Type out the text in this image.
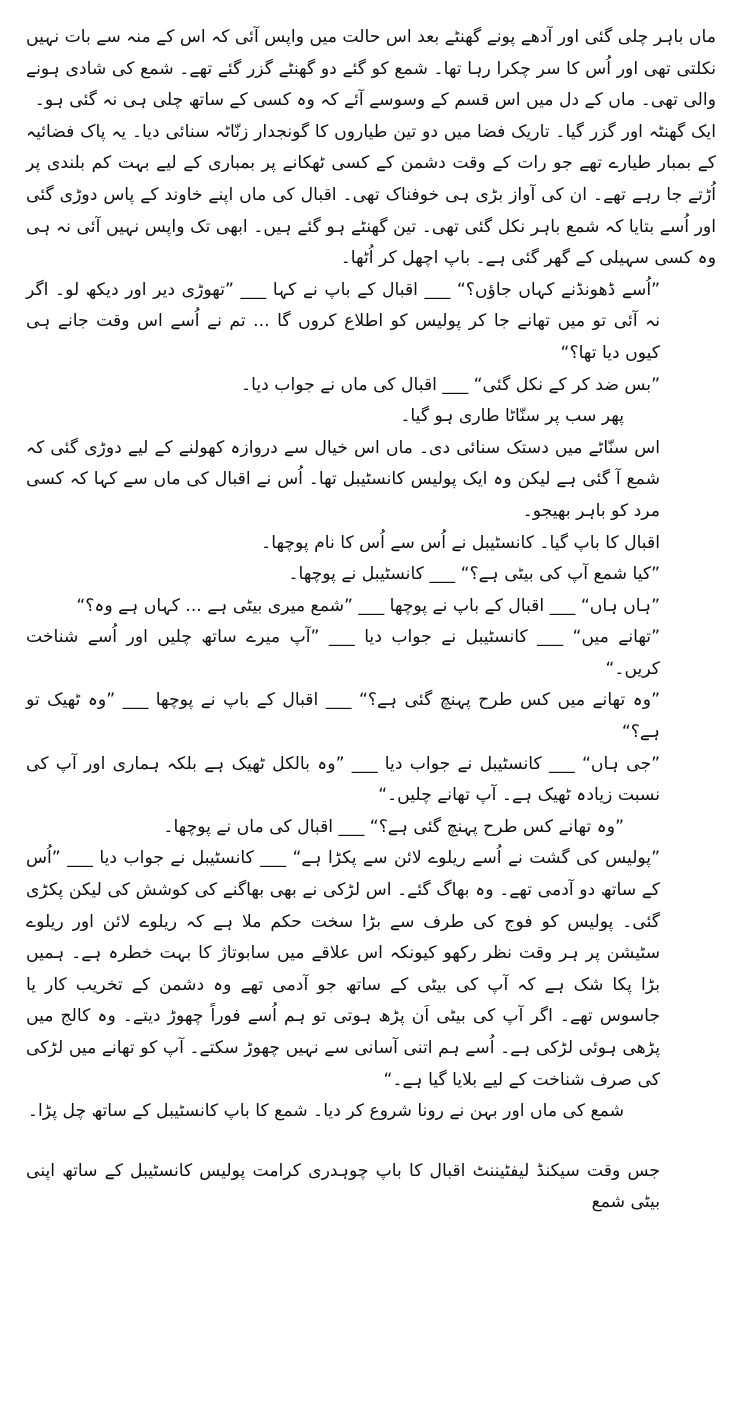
ماں باہر چلی گئی اور آدھے پونے گھنٹے بعد اس حالت میں واپس آئی کہ اس کے منہ سے بات نہیں نکلتی تھی اور اُس کا سر چکرا رہا تھا۔ شمع کو گئے دو گھنٹے گزر گئے تھے۔ شمع کی شادی ہونے والی تھی۔ ماں کے دل میں اس قسم کے وسوسے آئے کہ وہ کسی کے ساتھ چلی ہی نہ گئی ہو۔

ایک گھنٹہ اور گزر گیا۔ تاریک فضا میں دو تین طیاروں کا گونجدار زنّاٹہ سنائی دیا۔ یہ پاک فضائیہ کے بمبار طیارے تھے جو رات کے وقت دشمن کے کسی ٹھکانے پر بمباری کے لیے بہت کم بلندی پر اُڑتے جا رہے تھے۔ ان کی آواز بڑی ہی خوفناک تھی۔ اقبال کی ماں اپنے خاوند کے پاس دوڑی گئی اور اُسے بتایا کہ شمع باہر نکل گئی تھی۔ تین گھنٹے ہو گئے ہیں۔ ابھی تک واپس نہیں آئی نہ ہی وہ کسی سہیلی کے گھر گئی ہے۔ باپ اچھل کر اُٹھا۔

”اُسے ڈھونڈنے کہاں جاؤں؟“ ___ اقبال کے باپ نے کہا ___ ”تھوڑی دیر اور دیکھ لو۔ اگر نہ آئی تو میں تھانے جا کر پولیس کو اطلاع کروں گا ... تم نے اُسے اس وقت جانے ہی کیوں دیا تھا؟“

”بس ضد کر کے نکل گئی“ ___ اقبال کی ماں نے جواب دیا۔

پھر سب پر سنّاٹا طاری ہو گیا۔

اس سنّاٹے میں دستک سنائی دی۔ ماں اس خیال سے دروازہ کھولنے کے لیے دوڑی گئی کہ شمع آ گئی ہے لیکن وہ ایک پولیس کانسٹیبل تھا۔ اُس نے اقبال کی ماں سے کہا کہ کسی مرد کو باہر بھیجو۔

اقبال کا باپ گیا۔ کانسٹیبل نے اُس سے اُس کا نام پوچھا۔

”کیا شمع آپ کی بیٹی ہے؟“ ___ کانسٹیبل نے پوچھا۔

”ہاں ہاں“ ___ اقبال کے باپ نے پوچھا ___ ”شمع میری بیٹی ہے ... کہاں ہے وہ؟“

”تھانے میں“ ___ کانسٹیبل نے جواب دیا ___ ”آپ میرے ساتھ چلیں اور اُسے شناخت کریں۔“

”وہ تھانے میں کس طرح پہنچ گئی ہے؟“ ___ اقبال کے باپ نے پوچھا ___ ”وہ ٹھیک تو ہے؟“

”جی ہاں“ ___ کانسٹیبل نے جواب دیا ___ ”وہ بالکل ٹھیک ہے بلکہ ہماری اور آپ کی نسبت زیادہ ٹھیک ہے۔ آپ تھانے چلیں۔“

”وہ تھانے کس طرح پہنچ گئی ہے؟“ ___ اقبال کی ماں نے پوچھا۔

”پولیس کی گشت نے اُسے ریلوے لائن سے پکڑا ہے“ ___ کانسٹیبل نے جواب دیا ___ ”اُس کے ساتھ دو آدمی تھے۔ وہ بھاگ گئے۔ اس لڑکی نے بھی بھاگنے کی کوشش کی لیکن پکڑی گئی۔ پولیس کو فوج کی طرف سے بڑا سخت حکم ملا ہے کہ ریلوے لائن اور ریلوے سٹیشن پر ہر وقت نظر رکھو کیونکہ اس علاقے میں سابوتاژ کا بہت خطرہ ہے۔ ہمیں بڑا پکا شک ہے کہ آپ کی بیٹی کے ساتھ جو آدمی تھے وہ دشمن کے تخریب کار یا جاسوس تھے۔ اگر آپ کی بیٹی اَن پڑھ ہوتی تو ہم اُسے فوراً چھوڑ دیتے۔ وہ کالج میں پڑھی ہوئی لڑکی ہے۔ اُسے ہم اتنی آسانی سے نہیں چھوڑ سکتے۔ آپ کو تھانے میں لڑکی کی صرف شناخت کے لیے بلایا گیا ہے۔“

شمع کی ماں اور بہن نے رونا شروع کر دیا۔ شمع کا باپ کانسٹیبل کے ساتھ چل پڑا۔

جس وقت سیکنڈ لیفٹیننٹ اقبال کا باپ چوہدری کرامت پولیس کانسٹیبل کے ساتھ اپنی بیٹی شمع
